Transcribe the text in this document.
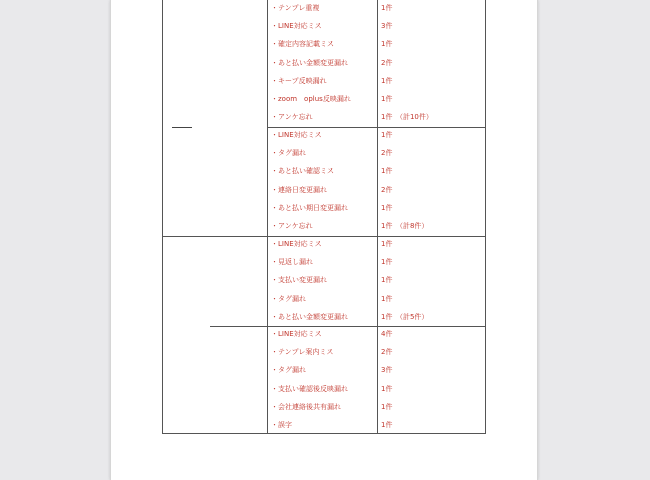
・テンプレ重複	1件
・LINE対応ミス	3件
・確定内容記載ミス	1件
・あと払い金額変更漏れ	2件
・キープ反映漏れ	1件
・zoom　oplus反映漏れ	1件
・アンケ忘れ	1件　（計10件）
・LINE対応ミス	1件
・タグ漏れ	2件
・あと払い確認ミス	1件
・連絡日変更漏れ	2件
・あと払い期日変更漏れ	1件
・アンケ忘れ	1件　（計8件）
・LINE対応ミス	1件
・見返し漏れ	1件
・支払い変更漏れ	1件
・タグ漏れ	1件
・あと払い金額変更漏れ	1件　（計5件）
・LINE対応ミス	4件
・テンプレ案内ミス	2件
・タグ漏れ	3件
・支払い確認後反映漏れ	1件
・会社連絡後共有漏れ	1件
・誤字	1件
